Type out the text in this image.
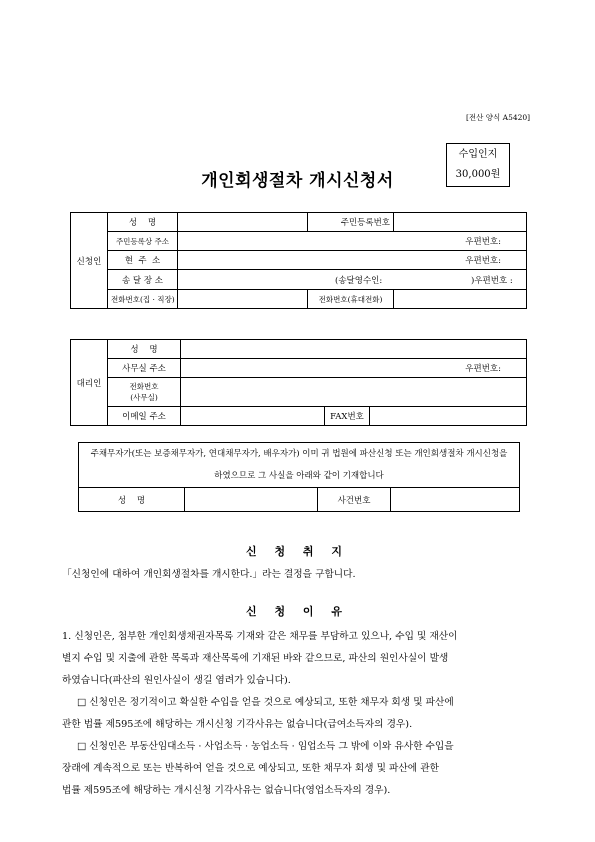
[전산 양식 A5420]
수입인지
30,000원
개인회생절차 개시신청서
신청인	성    명		주민등록번호	
	주민등록상 주소	우편번호:		
	현  주  소	우편번호:		
	송 달 장 소	(송달영수인: )우편번호 :		

	전화번호(집 · 직장)		전화번호(휴대전화)	
대리인	성    명			
	사무실 주소	우편번호:		

	전화번호
(사무실)			

	이메일 주소		FAX번호	
주채무자가(또는 보증채무자가, 연대채무자가, 배우자가) 이미 귀 법원에 파산신청 또는 개인회생절차 개시신청을 하였으므로 그 사실을 아래와 같이 기재합니다
성    명		사건번호	
신 청 취 지
「신청인에 대하여 개인회생절차를 개시한다.」라는 결정을 구합니다.
신 청 이 유
1. 신청인은, 첨부한 개인회생채권자목록 기재와 같은 채무를 부담하고 있으나, 수입 및 재산이
별지 수입 및 지출에 관한 목록과 재산목록에 기재된 바와 같으므로, 파산의 원인사실이 발생
하였습니다(파산의 원인사실이 생길 염려가 있습니다).
□ 신청인은 정기적이고 확실한 수입을 얻을 것으로 예상되고, 또한 채무자 회생 및 파산에
관한 법률 제595조에 해당하는 개시신청 기각사유는 없습니다(급여소득자의 경우).
□ 신청인은 부동산임대소득 · 사업소득 · 농업소득 · 임업소득 그 밖에 이와 유사한 수입을
장래에 계속적으로 또는 반복하여 얻을 것으로 예상되고, 또한 채무자 회생 및 파산에 관한
법률 제595조에 해당하는 개시신청 기각사유는 없습니다(영업소득자의 경우).
